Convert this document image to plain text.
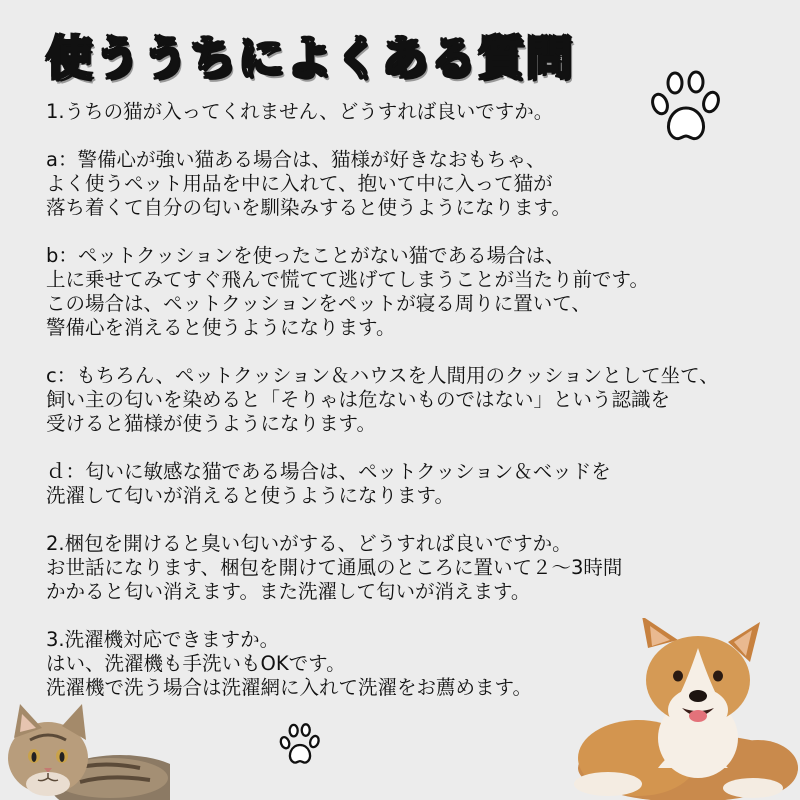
使ううちによくある質問
1.うちの猫が入ってくれません、どうすれば良いですか。
a：警備心が強い猫ある場合は、猫様が好きなおもちゃ、
よく使うペット用品を中に入れて、抱いて中に入って猫が
落ち着くて自分の匂いを馴染みすると使うようになります。
b：ペットクッションを使ったことがない猫である場合は、
上に乗せてみてすぐ飛んで慌てて逃げてしまうことが当たり前です。
この場合は、ペットクッションをペットが寝る周りに置いて、
警備心を消えると使うようになります。
c：もちろん、ペットクッション＆ハウスを人間用のクッションとして坐て、
飼い主の匂いを染めると「そりゃは危ないものではない」という認識を
受けると猫様が使うようになります。
ｄ：匂いに敏感な猫である場合は、ペットクッション＆ベッドを
洗濯して匂いが消えると使うようになります。
2.梱包を開けると臭い匂いがする、どうすれば良いですか。
お世話になります、梱包を開けて通風のところに置いて２～3時間
かかると匂い消えます。また洗濯して匂いが消えます。
3.洗濯機対応できますか。
はい、洗濯機も手洗いもOKです。
洗濯機で洗う場合は洗濯網に入れて洗濯をお薦めます。
